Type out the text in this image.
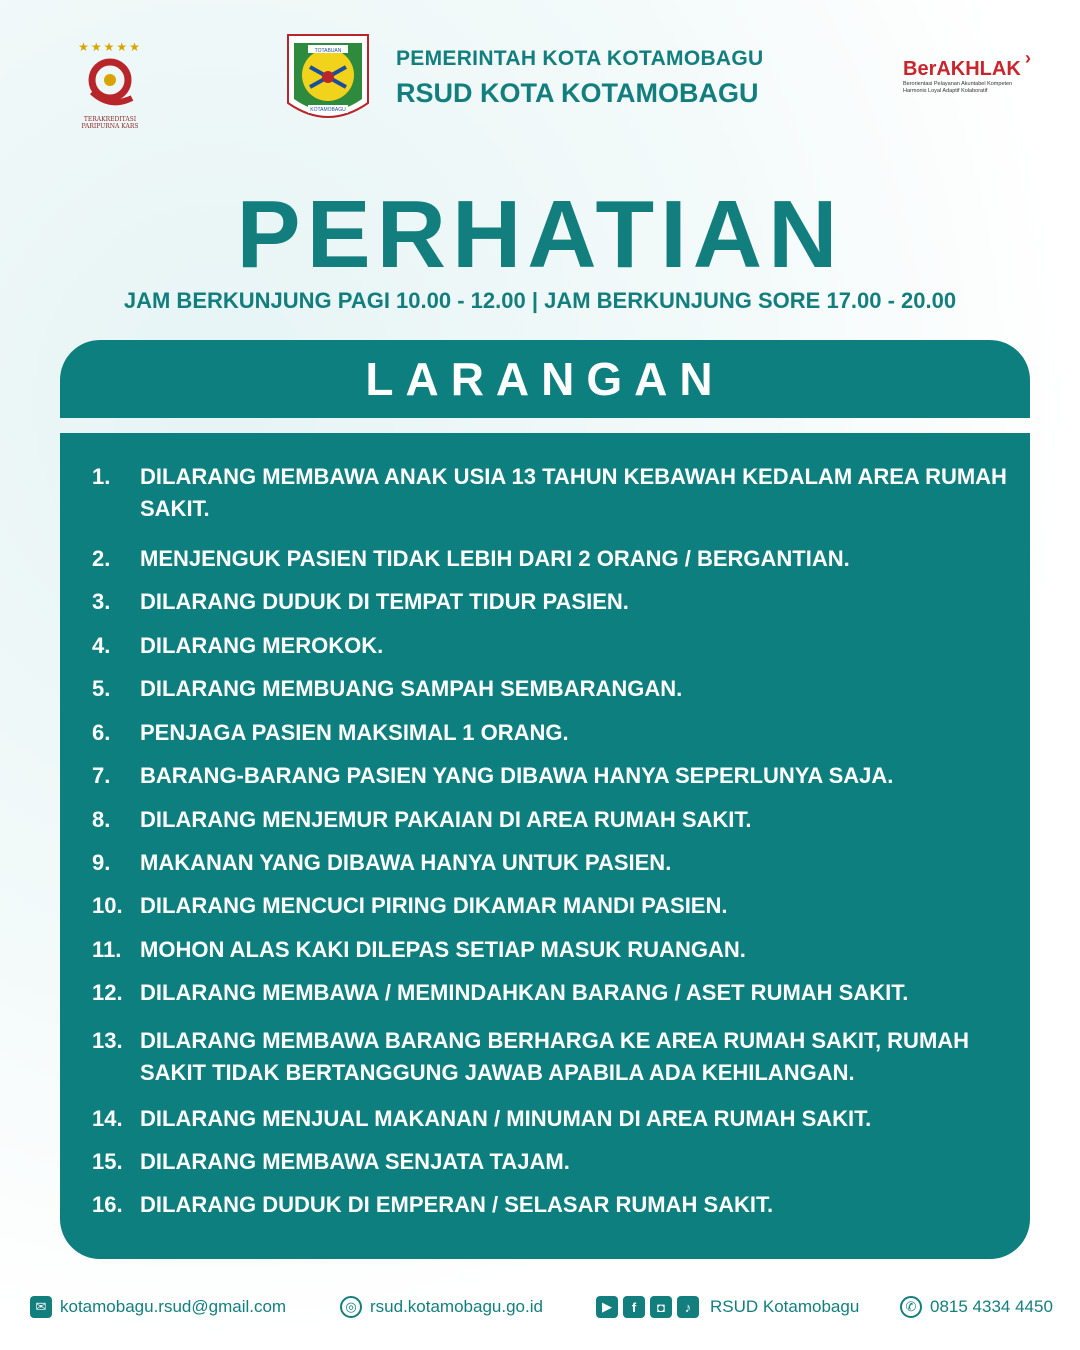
★★★★★
TERAKREDITASI PARIPURNA KARS
TOTABUAN
KOTAMOBAGU
PEMERINTAH KOTA KOTAMOBAGU
RSUD KOTA KOTAMOBAGU
›
BerAKHLAK
Berorientasi Pelayanan Akuntabel Kompeten
Harmonis Loyal Adaptif Kolaboratif
PERHATIAN
JAM BERKUNJUNG PAGI 10.00 - 12.00 | JAM BERKUNJUNG SORE 17.00 - 20.00
LARANGAN
1. DILARANG MEMBAWA ANAK USIA 13 TAHUN KEBAWAH KEDALAM AREA RUMAH SAKIT.
2. MENJENGUK PASIEN TIDAK LEBIH DARI 2 ORANG / BERGANTIAN.
3. DILARANG DUDUK DI TEMPAT TIDUR PASIEN.
4. DILARANG MEROKOK.
5. DILARANG MEMBUANG SAMPAH SEMBARANGAN.
6. PENJAGA PASIEN MAKSIMAL 1 ORANG.
7. BARANG-BARANG PASIEN YANG DIBAWA HANYA SEPERLUNYA SAJA.
8. DILARANG MENJEMUR PAKAIAN DI AREA RUMAH SAKIT.
9. MAKANAN YANG DIBAWA HANYA UNTUK PASIEN.
10. DILARANG MENCUCI PIRING DIKAMAR MANDI PASIEN.
11. MOHON ALAS KAKI DILEPAS SETIAP MASUK RUANGAN.
12. DILARANG MEMBAWA / MEMINDAHKAN BARANG / ASET RUMAH SAKIT.
13. DILARANG MEMBAWA BARANG BERHARGA KE AREA RUMAH SAKIT, RUMAH SAKIT TIDAK BERTANGGUNG JAWAB APABILA ADA KEHILANGAN.
14. DILARANG MENJUAL MAKANAN / MINUMAN DI AREA RUMAH SAKIT.
15. DILARANG MEMBAWA SENJATA TAJAM.
16. DILARANG DUDUK DI EMPERAN / SELASAR RUMAH SAKIT.
✉ kotamobagu.rsud@gmail.com	◎ rsud.kotamobagu.go.id	▶	f	◘	♪	RSUD Kotamobagu	✆ 0815 4334 4450
